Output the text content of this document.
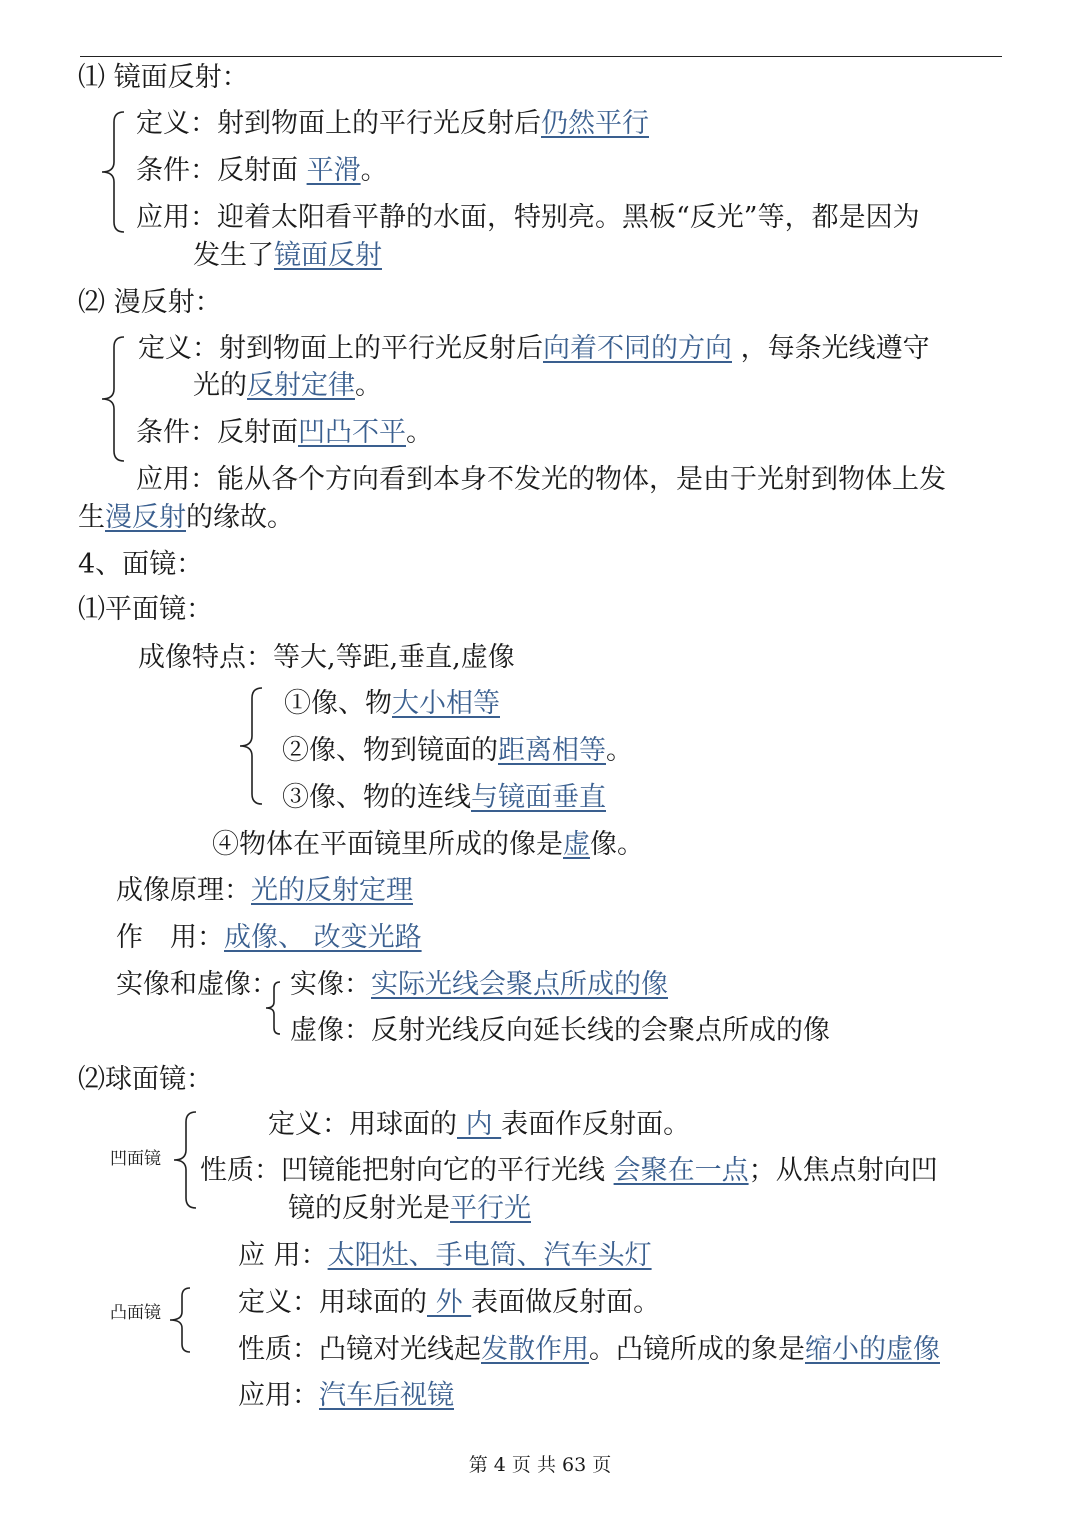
⑴ 镜面反射：
定义：射到物面上的平行光反射后仍然平行
条件：反射面 平滑。
应用：迎着太阳看平静的水面，特别亮。黑板“反光”等，都是因为
发生了镜面反射
⑵ 漫反射：
定义：射到物面上的平行光反射后向着不同的方向 ，每条光线遵守
光的反射定律。
条件：反射面凹凸不平。
应用：能从各个方向看到本身不发光的物体，是由于光射到物体上发
生漫反射的缘故。
4、面镜：
⑴平面镜：
成像特点：等大,等距,垂直,虚像
①像、物大小相等
②像、物到镜面的距离相等。
③像、物的连线与镜面垂直
④物体在平面镜里所成的像是虚像。
成像原理：光的反射定理
作　用：成像、 改变光路
实像和虚像： 实像：实际光线会聚点所成的像
虚像：反射光线反向延长线的会聚点所成的像
⑵球面镜：
凹面镜
定义：用球面的 内 表面作反射面。
性质：凹镜能把射向它的平行光线 会聚在一点；从焦点射向凹
镜的反射光是平行光
应 用：太阳灶、手电筒、汽车头灯
凸面镜	定义：用球面的 外 表面做反射面。
性质：凸镜对光线起发散作用。凸镜所成的象是缩小的虚像
应用：汽车后视镜
第 4 页 共 63 页
